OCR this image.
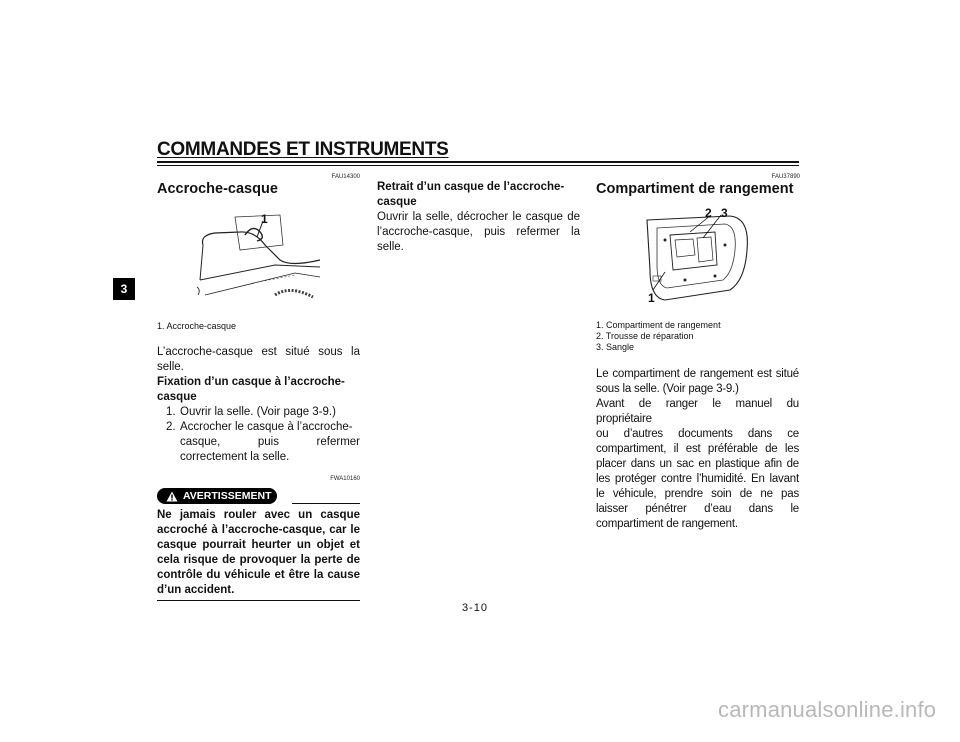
COMMANDES ET INSTRUMENTS
3
FAU14300
Accroche-casque
1
1. Accroche-casque
L’accroche-casque est situé sous la
selle.
Fixation d’un casque à l’accroche-
casque
1. Ouvrir la selle. (Voir page 3-9.)
2. Accrocher le casque à l’accroche-
casque, puis refermer
correctement la selle.
FWA10160
AVERTISSEMENT
Ne jamais rouler avec un casque
accroché à l’accroche-casque, car le
casque pourrait heurter un objet et
cela risque de provoquer la perte de
contrôle du véhicule et être la cause
d’un accident.
Retrait d’un casque de l’accroche-
casque
Ouvrir la selle, décrocher le casque de
l’accroche-casque, puis refermer la
selle.
FAU37890
Compartiment de rangement
2 3
1
1. Compartiment de rangement
2. Trousse de réparation
3. Sangle
Le compartiment de rangement est situé
sous la selle. (Voir page 3-9.)
Avant de ranger le manuel du propriétaire
ou d’autres documents dans ce
compartiment, il est préférable de les
placer dans un sac en plastique afin de
les protéger contre l’humidité. En lavant
le véhicule, prendre soin de ne pas
laisser pénétrer d’eau dans le
compartiment de rangement.
3-10
carmanualsonline.info
